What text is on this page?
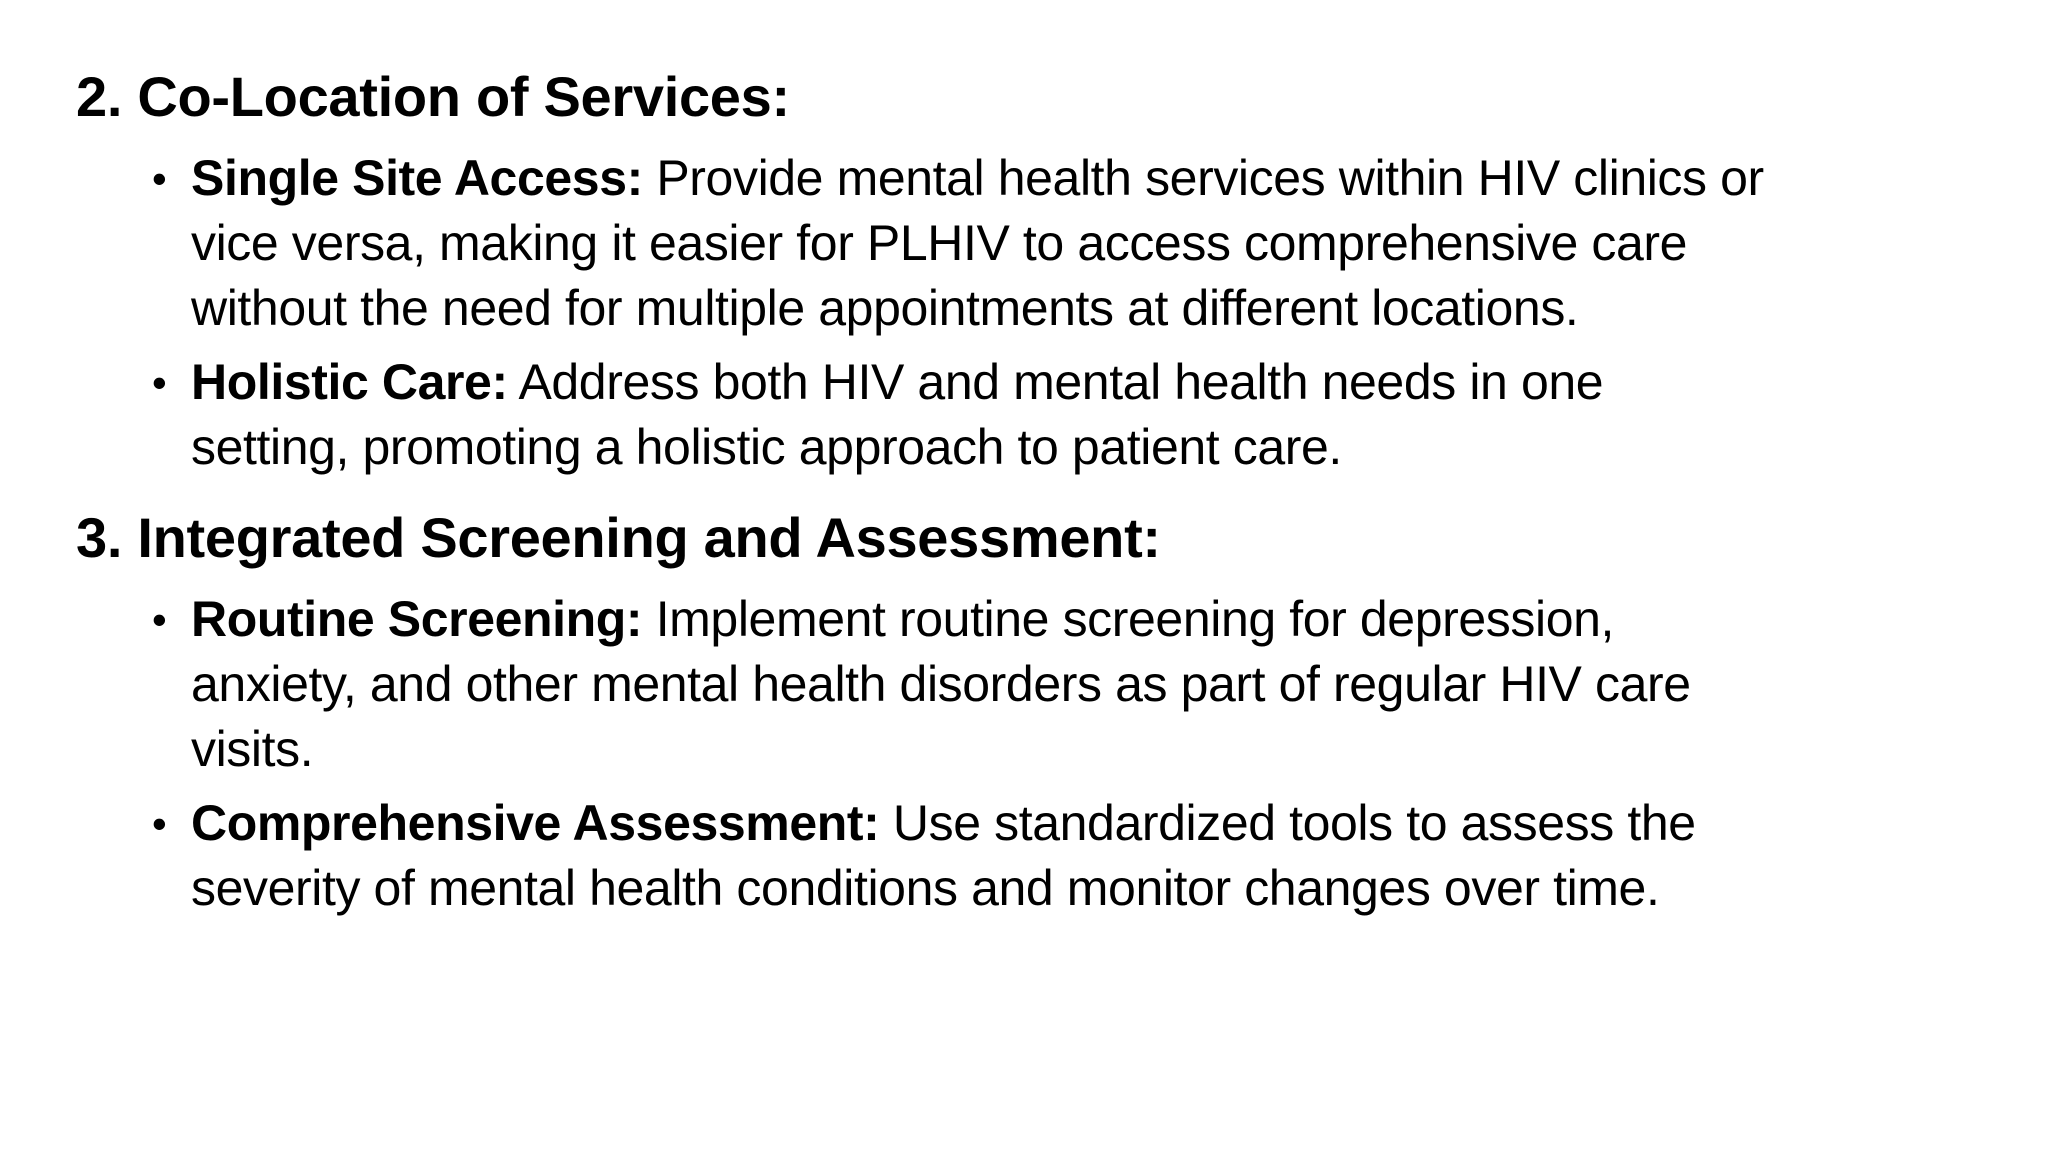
2. Co-Location of Services:
• Single Site Access: Provide mental health services within HIV clinics or
vice versa, making it easier for PLHIV to access comprehensive care
without the need for multiple appointments at different locations.
• Holistic Care: Address both HIV and mental health needs in one
setting, promoting a holistic approach to patient care.
3. Integrated Screening and Assessment:
• Routine Screening: Implement routine screening for depression,
anxiety, and other mental health disorders as part of regular HIV care
visits.
• Comprehensive Assessment: Use standardized tools to assess the
severity of mental health conditions and monitor changes over time.
